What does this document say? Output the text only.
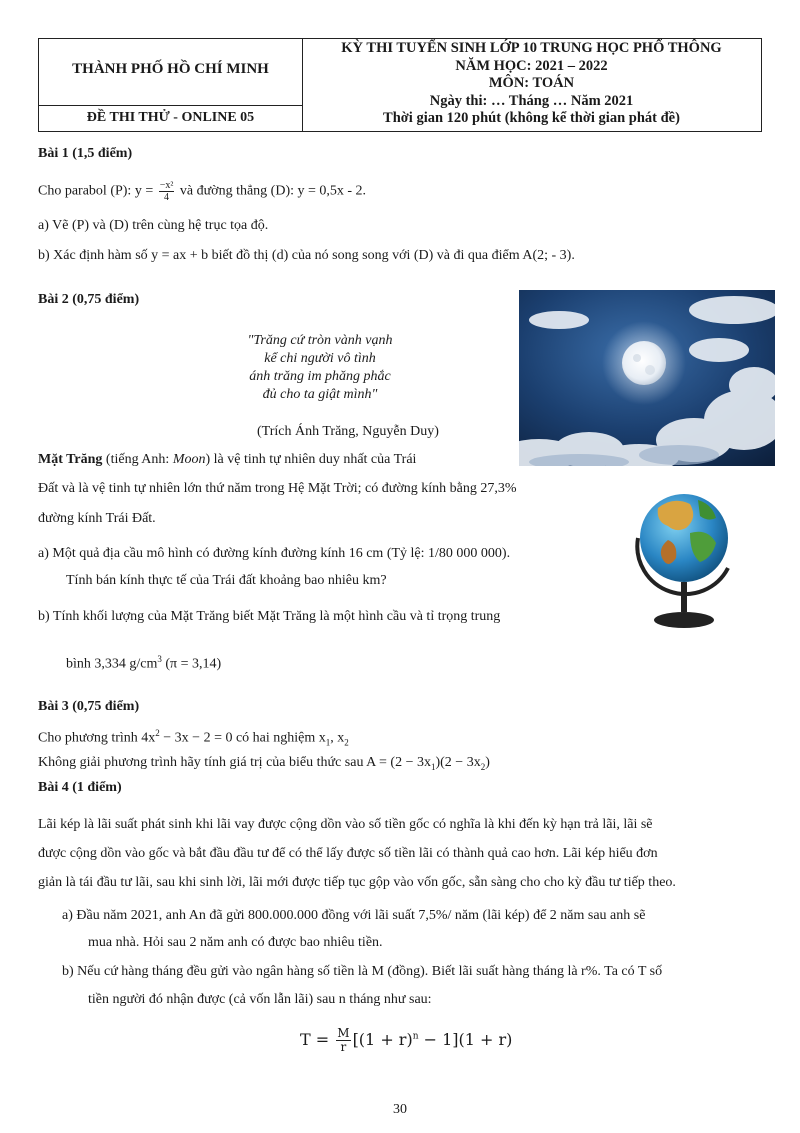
THÀNH PHỐ HỒ CHÍ MINH
ĐỀ THI THỬ - ONLINE 05
KỲ THI TUYỂN SINH LỚP 10 TRUNG HỌC PHỔ THÔNG
NĂM HỌC: 2021 – 2022
MÔN: TOÁN
Ngày thi: … Tháng … Năm 2021
Thời gian 120 phút (không kể thời gian phát đề)
Bài 1 (1,5 điểm)
Cho parabol (P): $y = \frac{\text{−x²}}{4}$ và đường thẳng (D): y = 0,5x - 2.
a) Vẽ (P) và (D) trên cùng hệ trục tọa độ.
b) Xác định hàm số y = ax + b biết đồ thị (d) của nó song song với (D) và đi qua điểm A(2; - 3).
Bài 2 (0,75 điểm)
"Trăng cứ tròn vành vạnh
kể chi người vô tình
ánh trăng im phăng phắc
đủ cho ta giật mình"
(Trích Ánh Trăng, Nguyễn Duy)
Mặt Trăng (tiếng Anh: Moon) là vệ tinh tự nhiên duy nhất của Trái
Đất và là vệ tinh tự nhiên lớn thứ năm trong Hệ Mặt Trời; có đường kính bằng 27,3%
đường kính Trái Đất.
a) Một quả địa cầu mô hình có đường kính đường kính 16 cm (Tỷ lệ: 1/80 000 000).
Tính bán kính thực tế của Trái đất khoảng bao nhiêu km?
b) Tính khối lượng của Mặt Trăng biết Mặt Trăng là một hình cầu và tỉ trọng trung
bình 3,334 $g/cm^3$ (π = 3,14)
Bài 3 (0,75 điểm)
Cho phương trình $4x^2 - 3x - 2 = 0$ có hai nghiệm $x_1$, $x_2$
Không giải phương trình hãy tính giá trị của biểu thức sau $A = (2 - 3x_1)(2 - 3x_2)$
Bài 4 (1 điểm)
Lãi kép là lãi suất phát sinh khi lãi vay được cộng dồn vào số tiền gốc có nghĩa là khi đến kỳ hạn trả lãi, lãi sẽ
được cộng dồn vào gốc và bắt đầu đầu tư để có thể lấy được số tiền lãi có thành quả cao hơn. Lãi kép hiểu đơn
giản là tái đầu tư lãi, sau khi sinh lời, lãi mới được tiếp tục gộp vào vốn gốc, sẵn sàng cho cho kỳ đầu tư tiếp theo.
a) Đầu năm 2021, anh An đã gửi 800.000.000 đồng với lãi suất 7,5%/ năm (lãi kép) để 2 năm sau anh sẽ
mua nhà. Hỏi sau 2 năm anh có được bao nhiêu tiền.
b) Nếu cứ hàng tháng đều gửi vào ngân hàng số tiền là M (đồng). Biết lãi suất hàng tháng là r%. Ta có T số
tiền người đó nhận được (cả vốn lẫn lãi) sau n tháng như sau:
$T = \frac{M}{r} [(1 + r)^n - 1](1 + r)$
30
